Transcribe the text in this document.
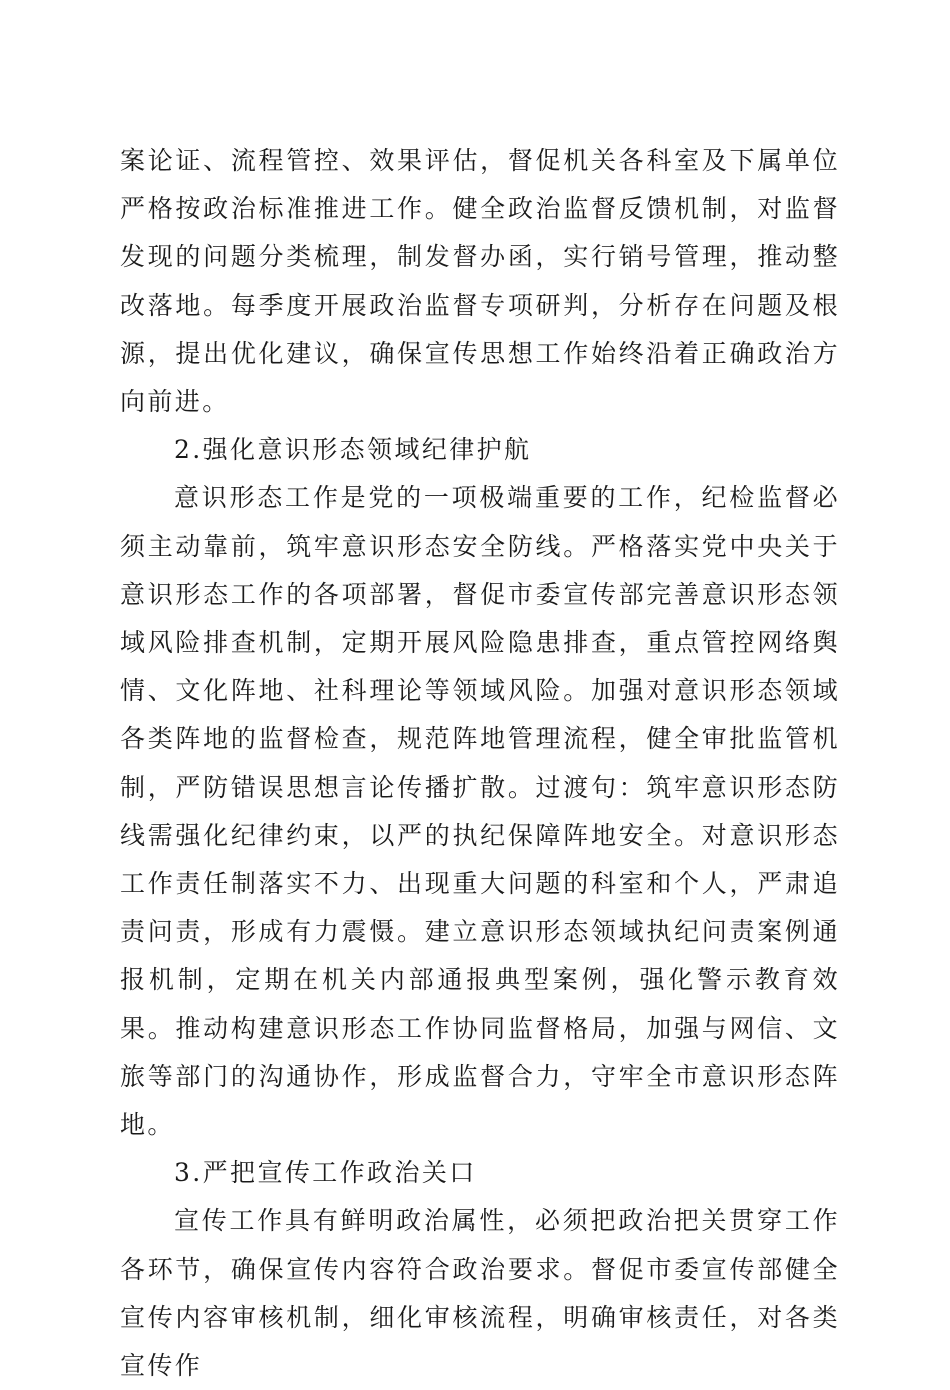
案论证、流程管控、效果评估，督促机关各科室及下属单位严格按政治标准推进工作。健全政治监督反馈机制，对监督发现的问题分类梳理，制发督办函，实行销号管理，推动整改落地。每季度开展政治监督专项研判，分析存在问题及根源，提出优化建议，确保宣传思想工作始终沿着正确政治方向前进。

2.强化意识形态领域纪律护航

意识形态工作是党的一项极端重要的工作，纪检监督必须主动靠前，筑牢意识形态安全防线。严格落实党中央关于意识形态工作的各项部署，督促市委宣传部完善意识形态领域风险排查机制，定期开展风险隐患排查，重点管控网络舆情、文化阵地、社科理论等领域风险。加强对意识形态领域各类阵地的监督检查，规范阵地管理流程，健全审批监管机制，严防错误思想言论传播扩散。过渡句：筑牢意识形态防线需强化纪律约束，以严的执纪保障阵地安全。对意识形态工作责任制落实不力、出现重大问题的科室和个人，严肃追责问责，形成有力震慑。建立意识形态领域执纪问责案例通报机制，定期在机关内部通报典型案例，强化警示教育效果。推动构建意识形态工作协同监督格局，加强与网信、文旅等部门的沟通协作，形成监督合力，守牢全市意识形态阵地。

3.严把宣传工作政治关口

宣传工作具有鲜明政治属性，必须把政治把关贯穿工作各环节，确保宣传内容符合政治要求。督促市委宣传部健全宣传内容审核机制，细化审核流程，明确审核责任，对各类宣传作
